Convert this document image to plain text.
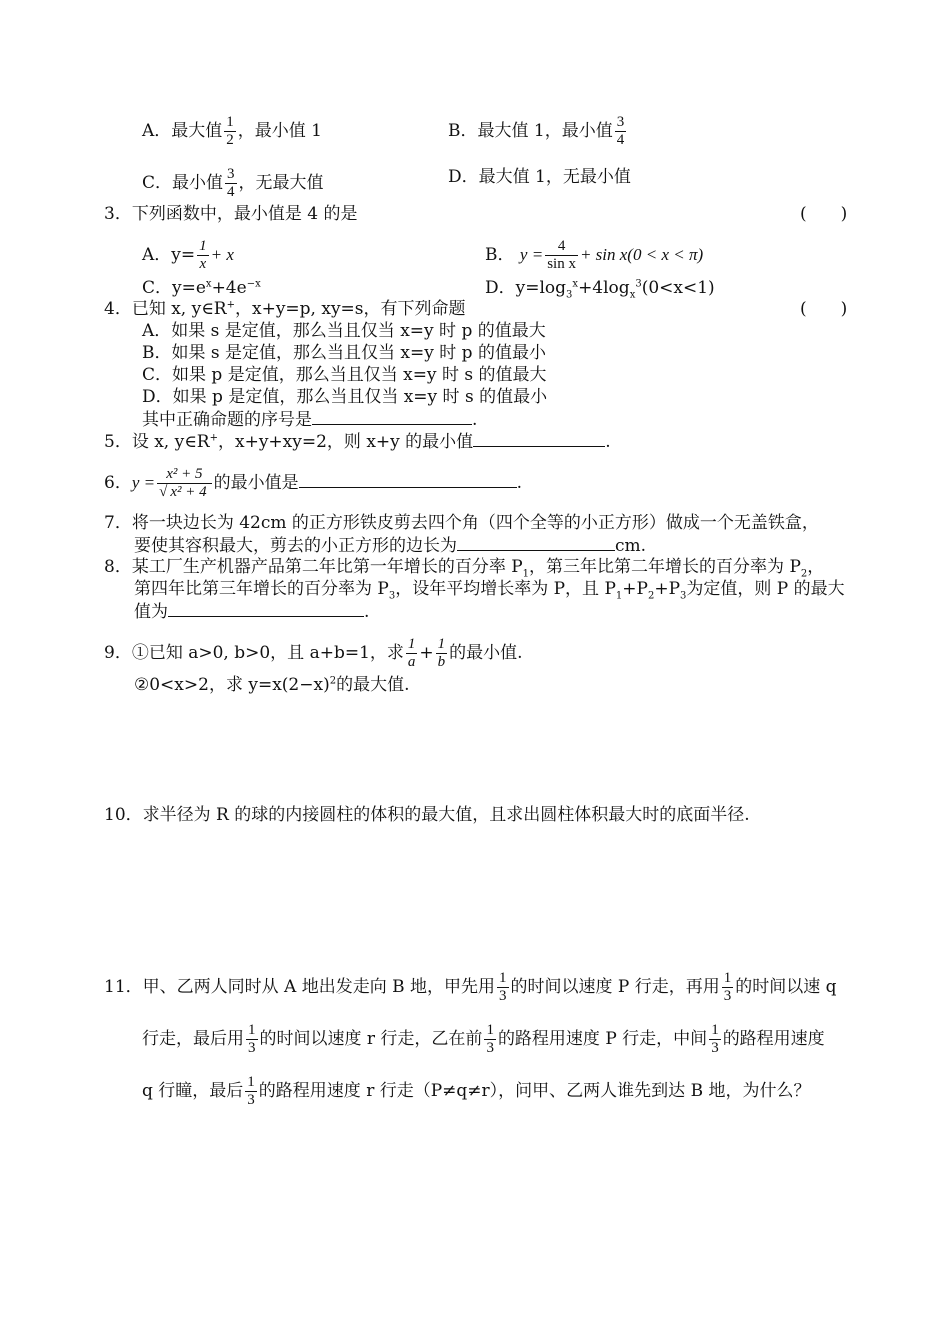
A．最大值 $\frac{1}{2}$ ，最小值 1	B．最大值 1，最小值 $\frac{3}{4}$
C．最小值 $\frac{3}{4}$ ，无最大值	D．最大值 1，无最小值
3．下列函数中，最小值是 4 的是	(　　)
A．$y= \frac{1}{x} + x$	B． $y = \frac{4}{\text{sin x}} + \sin x(0 < x < \pi)$
C．$y=e^x+4e^{-x}$	D．$y=\log_3^x+4\log_x^3(0<x<1)$
4．已知 x, y∈R+，x+y=p, xy=s，有下列命题	(　　)
A．如果 s 是定值，那么当且仅当 x=y 时 p 的值最大
B．如果 s 是定值，那么当且仅当 x=y 时 p 的值最小
C．如果 p 是定值，那么当且仅当 x=y 时 s 的值最大
D．如果 p 是定值，那么当且仅当 x=y 时 s 的值最小
其中正确命题的序号是	.
5．设 x, y∈R+，x+y+xy=2，则 x+y 的最小值	.
6．$y = \frac{\text{x² + 5}}{\text{√ x² + 4}}$ 的最小值是	.
7．将一块边长为 42cm 的正方形铁皮剪去四个角（四个全等的小正方形）做成一个无盖铁盒，
要使其容积最大，剪去的小正方形的边长为	cm.
8．某工厂生产机器产品第二年比第一年增长的百分率 $P_1$，第三年比第二年增长的百分率为 $P_2$，
第四年比第三年增长的百分率为 $P_3$，设年平均增长率为 P，且 $P_1+P_2+P_3$为定值，则 P 的最大
值为	.
9．①已知 a>0, b>0，且 a+b=1，求 $\frac{1}{a} + \frac{1}{b}$ 的最小值.
②0<x>2，求 $y=x(2-x)^2$的最大值.
10．求半径为 R 的球的内接圆柱的体积的最大值，且求出圆柱体积最大时的底面半径.
11．甲、乙两人同时从 A 地出发走向 B 地，甲先用 $\frac{1}{3}$ 的时间以速度 P 行走，再用 $\frac{1}{3}$ 的时间以速 q
行走，最后用 $\frac{1}{3}$ 的时间以速度 r 行走，乙在前 $\frac{1}{3}$ 的路程用速度 P 行走，中间 $\frac{1}{3}$ 的路程用速度
q 行瞳，最后 $\frac{1}{3}$ 的路程用速度 r 行走（P≠q≠r），问甲、乙两人谁先到达 B 地，为什么？
